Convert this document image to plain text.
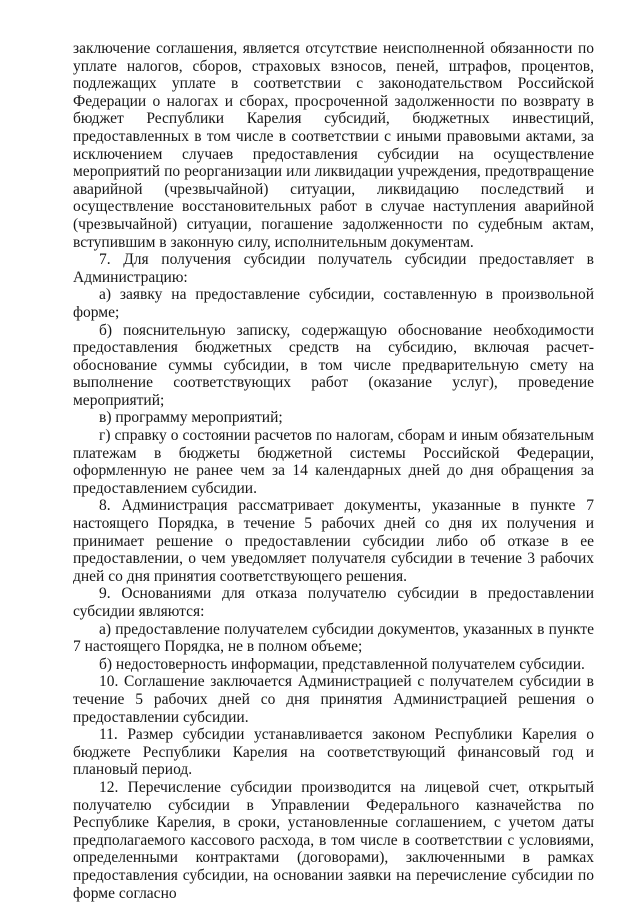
заключение соглашения, является отсутствие неисполненной обязанности по уплате налогов, сборов, страховых взносов, пеней, штрафов, процентов, подлежащих уплате в соответствии с законодательством Российской Федерации о налогах и сборах, просроченной задолженности по возврату в бюджет Республики Карелия субсидий, бюджетных инвестиций, предоставленных в том числе в соответствии с иными правовыми актами, за исключением случаев предоставления субсидии на осуществление мероприятий по реорганизации или ликвидации учреждения, предотвращение аварийной (чрезвычайной) ситуации, ликвидацию последствий и осуществление восстановительных работ в случае наступления аварийной (чрезвычайной) ситуации, погашение задолженности по судебным актам, вступившим в законную силу, исполнительным документам.

7. Для получения субсидии получатель субсидии предоставляет в Администрацию:

а) заявку на предоставление субсидии, составленную в произвольной форме;

б) пояснительную записку, содержащую обоснование необходимости предоставления бюджетных средств на субсидию, включая расчет-обоснование суммы субсидии, в том числе предварительную смету на выполнение соответствующих работ (оказание услуг), проведение мероприятий;

в) программу мероприятий;

г) справку о состоянии расчетов по налогам, сборам и иным обязательным платежам в бюджеты бюджетной системы Российской Федерации, оформленную не ранее чем за 14 календарных дней до дня обращения за предоставлением субсидии.

8. Администрация рассматривает документы, указанные в пункте 7 настоящего Порядка, в течение 5 рабочих дней со дня их получения и принимает решение о предоставлении субсидии либо об отказе в ее предоставлении, о чем уведомляет получателя субсидии в течение 3 рабочих дней со дня принятия соответствующего решения.

9. Основаниями для отказа получателю субсидии в предоставлении субсидии являются:

а) предоставление получателем субсидии документов, указанных в пункте 7 настоящего Порядка, не в полном объеме;

б) недостоверность информации, представленной получателем субсидии.

10. Соглашение заключается Администрацией с получателем субсидии в течение 5 рабочих дней со дня принятия Администрацией решения о предоставлении субсидии.

11. Размер субсидии устанавливается законом Республики Карелия о бюджете Республики Карелия на соответствующий финансовый год и плановый период.

12. Перечисление субсидии производится на лицевой счет, открытый получателю субсидии в Управлении Федерального казначейства по Республике Карелия, в сроки, установленные соглашением, с учетом даты предполагаемого кассового расхода, в том числе в соответствии с условиями, определенными контрактами (договорами), заключенными в рамках предоставления субсидии, на основании заявки на перечисление субсидии по форме согласно
